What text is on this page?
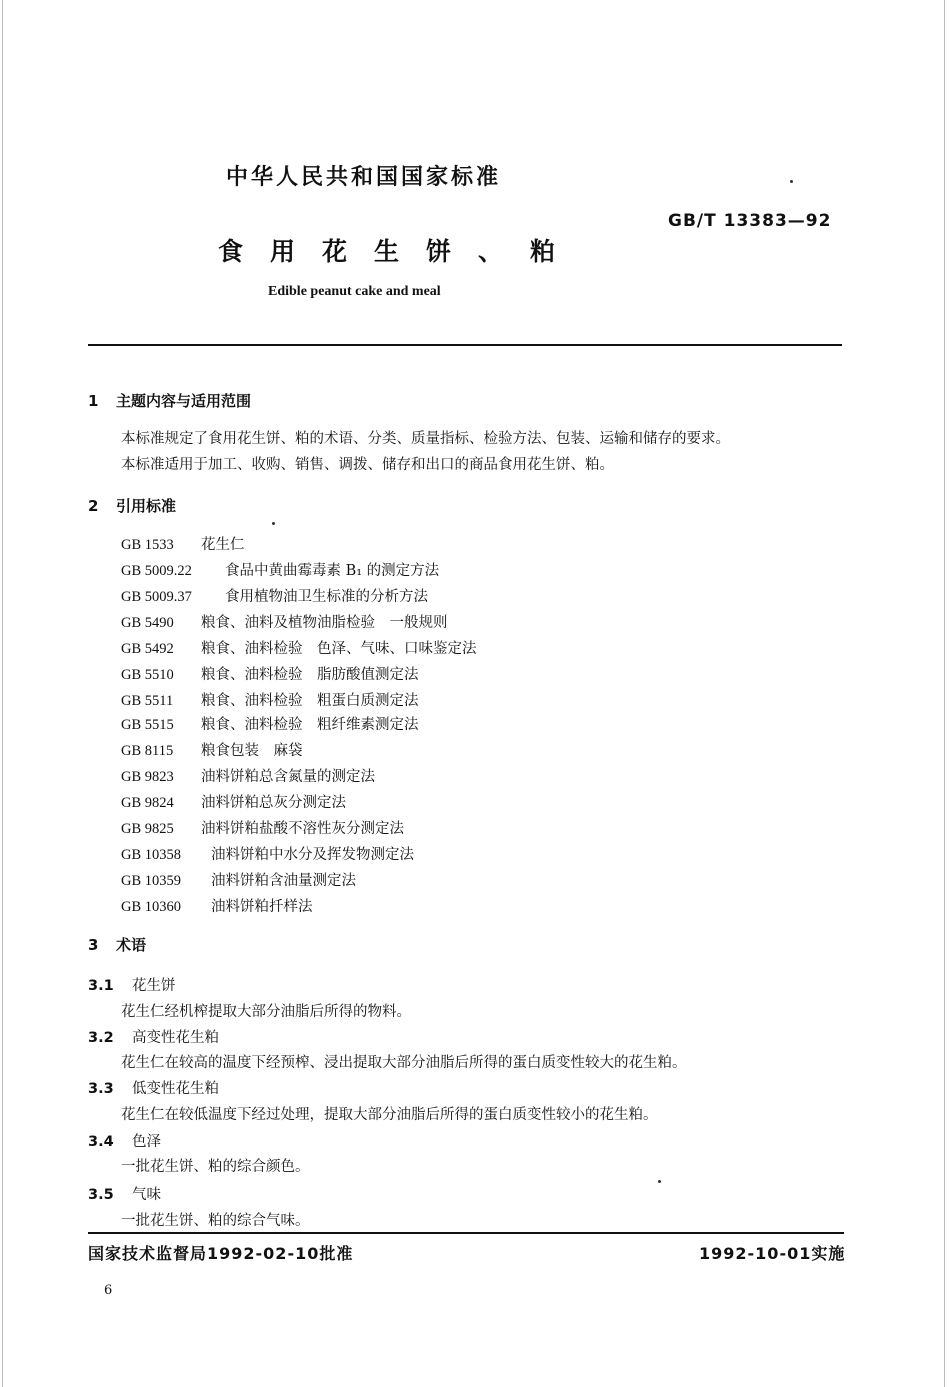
中华人民共和国国家标准
GB/T 13383—92
食用花生饼、粕
Edible peanut cake and meal
1 主题内容与适用范围
本标准规定了食用花生饼、粕的术语、分类、质量指标、检验方法、包装、运输和储存的要求。
本标准适用于加工、收购、销售、调拨、储存和出口的商品食用花生饼、粕。
2 引用标准
GB 1533 花生仁
GB 5009.22 食品中黄曲霉毒素 B₁ 的测定方法
GB 5009.37 食用植物油卫生标准的分析方法
GB 5490 粮食、油料及植物油脂检验　一般规则
GB 5492 粮食、油料检验　色泽、气味、口味鉴定法
GB 5510 粮食、油料检验　脂肪酸值测定法
GB 5511 粮食、油料检验　粗蛋白质测定法
GB 5515 粮食、油料检验　粗纤维素测定法
GB 8115 粮食包装　麻袋
GB 9823 油料饼粕总含氮量的测定法
GB 9824 油料饼粕总灰分测定法
GB 9825 油料饼粕盐酸不溶性灰分测定法
GB 10358 油料饼粕中水分及挥发物测定法
GB 10359 油料饼粕含油量测定法
GB 10360 油料饼粕扦样法
3 术语
3.1 花生饼
花生仁经机榨提取大部分油脂后所得的物料。
3.2 高变性花生粕
花生仁在较高的温度下经预榨、浸出提取大部分油脂后所得的蛋白质变性较大的花生粕。
3.3 低变性花生粕
花生仁在较低温度下经过处理，提取大部分油脂后所得的蛋白质变性较小的花生粕。
3.4 色泽
一批花生饼、粕的综合颜色。
3.5 气味
一批花生饼、粕的综合气味。
国家技术监督局1992-02-10批准	1992-10-01实施
6
